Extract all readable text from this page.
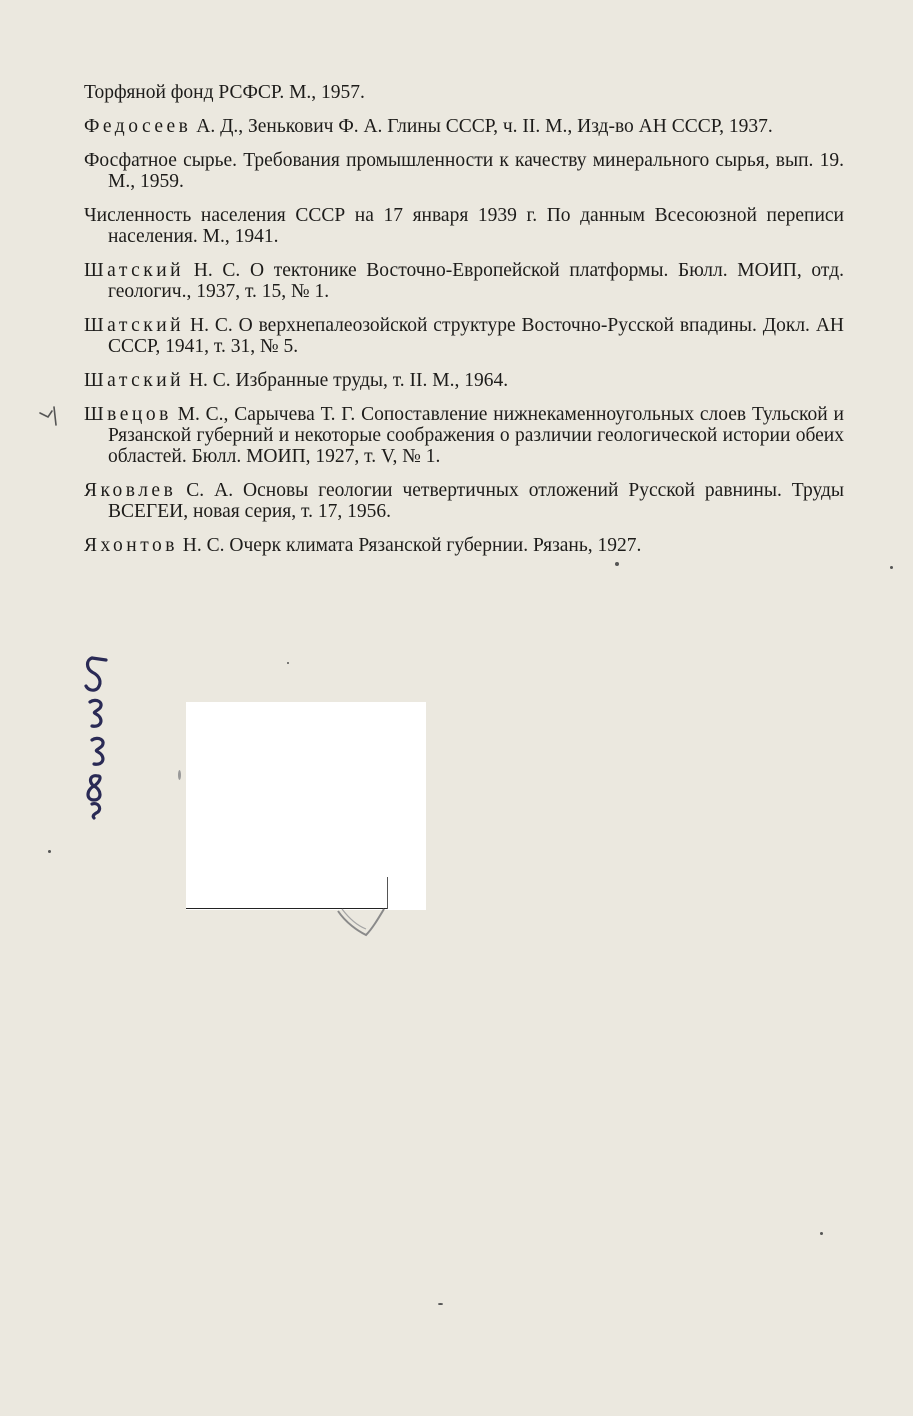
Торфяной фонд РСФСР. М., 1957.

Федосеев А. Д., Зенькович Ф. А. Глины СССР, ч. II. М., Изд-во АН СССР, 1937.

Фосфатное сырье. Требования промышленности к качеству минерального сырья, вып. 19. М., 1959.

Численность населения СССР на 17 января 1939 г. По данным Всесоюзной переписи населения. М., 1941.

Шатский Н. С. О тектонике Восточно-Европейской платформы. Бюлл. МОИП, отд. геологич., 1937, т. 15, № 1.

Шатский Н. С. О верхнепалеозойской структуре Восточно-Русской впадины. Докл. АН СССР, 1941, т. 31, № 5.

Шатский Н. С. Избранные труды, т. II. М., 1964.

Швецов М. С., Сарычева Т. Г. Сопоставление нижнекаменноугольных слоев Тульской и Рязанской губерний и некоторые соображения о различии геологической истории обеих областей. Бюлл. МОИП, 1927, т. V, № 1.

Яковлев С. А. Основы геологии четвертичных отложений Русской равнины. Труды ВСЕГЕИ, новая серия, т. 17, 1956.

Яхонтов Н. С. Очерк климата Рязанской губернии. Рязань, 1927.
